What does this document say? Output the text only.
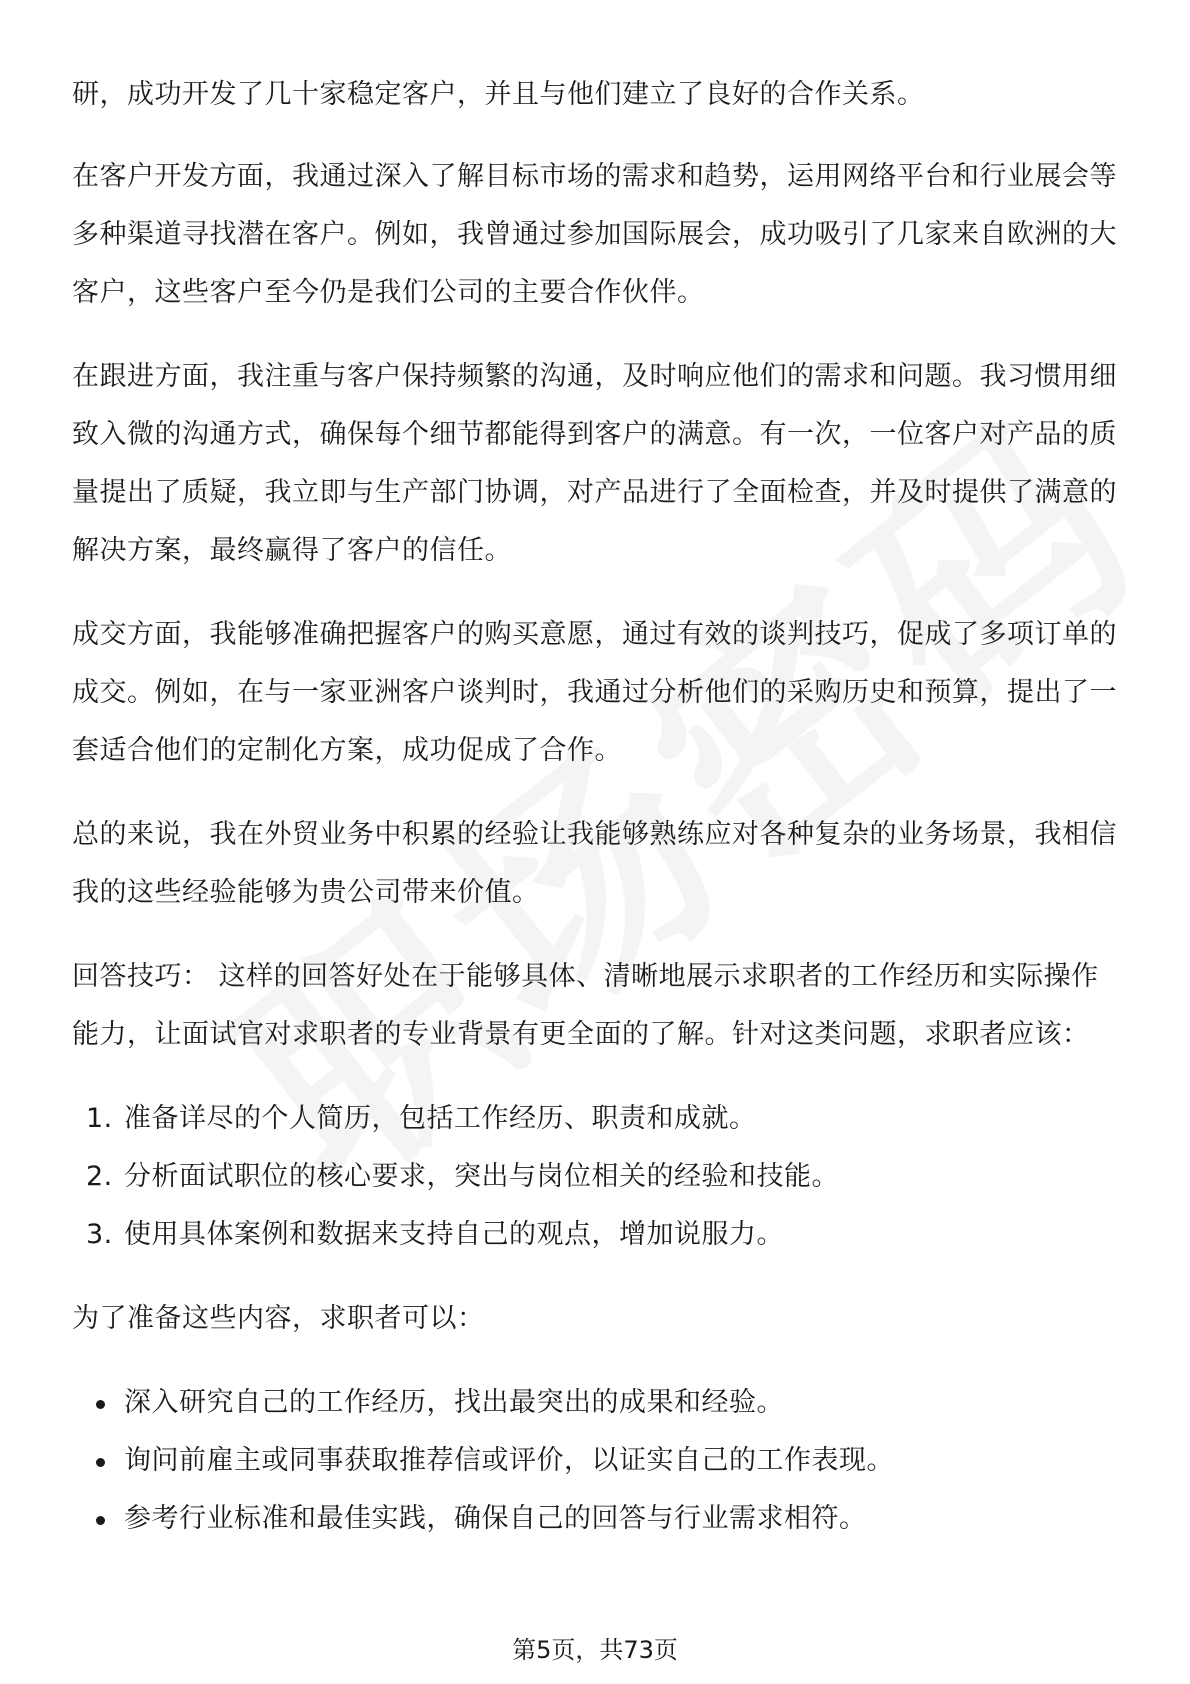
研，成功开发了几十家稳定客户，并且与他们建立了良好的合作关系。

在客户开发方面，我通过深入了解目标市场的需求和趋势，运用网络平台和行业展会等多种渠道寻找潜在客户。例如，我曾通过参加国际展会，成功吸引了几家来自欧洲的大客户，这些客户至今仍是我们公司的主要合作伙伴。

在跟进方面，我注重与客户保持频繁的沟通，及时响应他们的需求和问题。我习惯用细致入微的沟通方式，确保每个细节都能得到客户的满意。有一次，一位客户对产品的质量提出了质疑，我立即与生产部门协调，对产品进行了全面检查，并及时提供了满意的解决方案，最终赢得了客户的信任。

成交方面，我能够准确把握客户的购买意愿，通过有效的谈判技巧，促成了多项订单的成交。例如，在与一家亚洲客户谈判时，我通过分析他们的采购历史和预算，提出了一套适合他们的定制化方案，成功促成了合作。

总的来说，我在外贸业务中积累的经验让我能够熟练应对各种复杂的业务场景，我相信我的这些经验能够为贵公司带来价值。

回答技巧： 这样的回答好处在于能够具体、清晰地展示求职者的工作经历和实际操作能力，让面试官对求职者的专业背景有更全面的了解。针对这类问题，求职者应该：

1. 准备详尽的个人简历，包括工作经历、职责和成就。
2. 分析面试职位的核心要求，突出与岗位相关的经验和技能。
3. 使用具体案例和数据来支持自己的观点，增加说服力。

为了准备这些内容，求职者可以：

深入研究自己的工作经历，找出最突出的成果和经验。
询问前雇主或同事获取推荐信或评价，以证实自己的工作表现。
参考行业标准和最佳实践，确保自己的回答与行业需求相符。
第5页，共73页
